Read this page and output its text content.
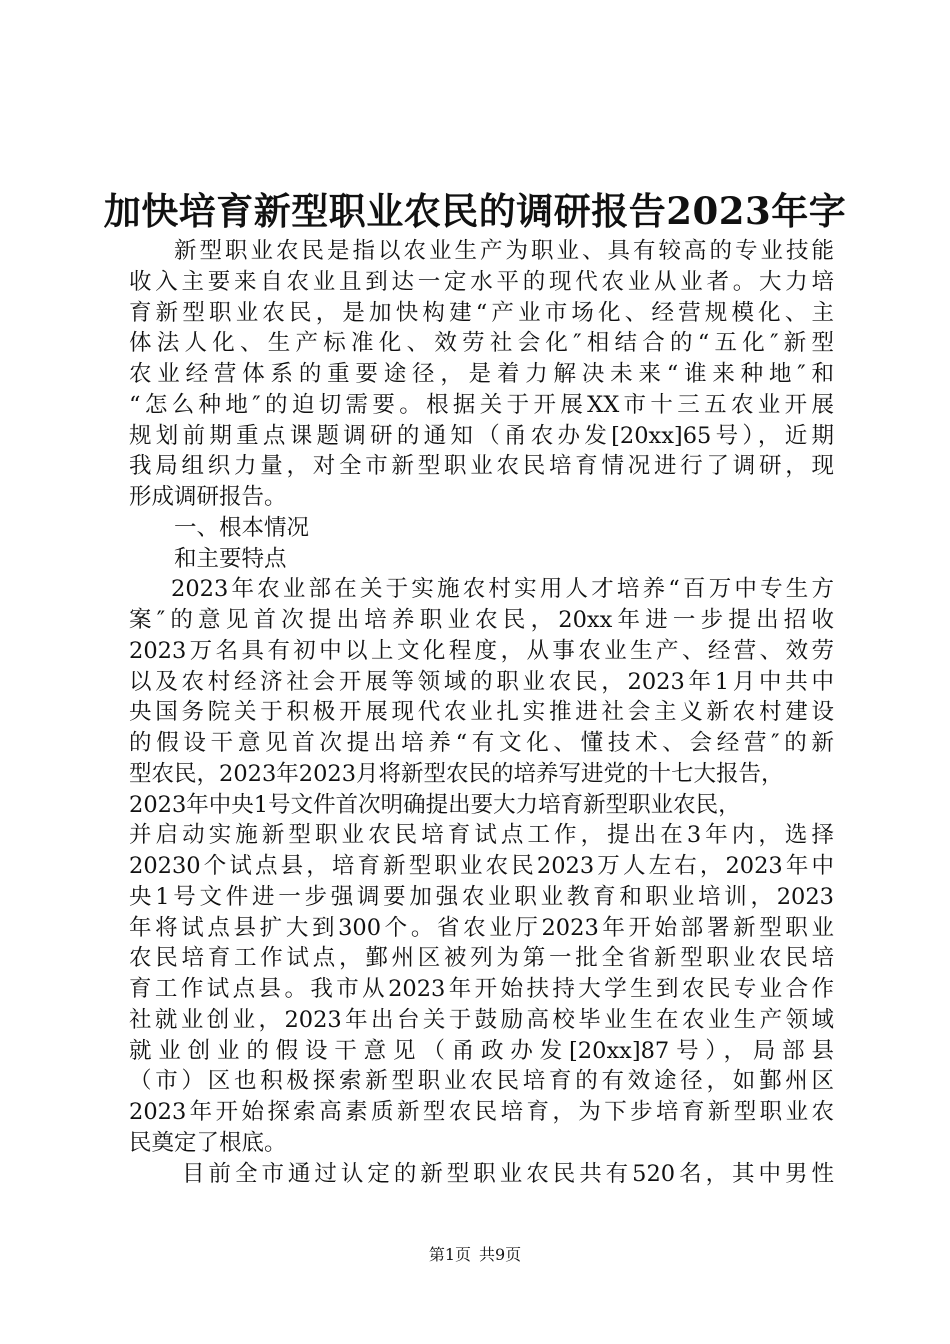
加快培育新型职业农民的调研报告2023年字
新型职业农民是指以农业生产为职业、具有较高的专业技能
收入主要来自农业且到达一定水平的现代农业从业者。大力培
育新型职业农民，是加快构建“产业市场化、经营规模化、主
体法人化、生产标准化、效劳社会化″相结合的“五化″新型
农业经营体系的重要途径，是着力解决未来“谁来种地″和
“怎么种地″的迫切需要。根据关于开展XX市十三五农业开展
规划前期重点课题调研的通知（甬农办发[20xx]65号），近期
我局组织力量，对全市新型职业农民培育情况进行了调研，现
形成调研报告。
一、根本情况
和主要特点
2023年农业部在关于实施农村实用人才培养“百万中专生方
案″的意见首次提出培养职业农民，20xx年进一步提出招收
2023万名具有初中以上文化程度，从事农业生产、经营、效劳
以及农村经济社会开展等领域的职业农民，2023年1月中共中
央国务院关于积极开展现代农业扎实推进社会主义新农村建设
的假设干意见首次提出培养“有文化、懂技术、会经营″的新
型农民，2023年2023月将新型农民的培养写进党的十七大报告，
2023年中央1号文件首次明确提出要大力培育新型职业农民，
并启动实施新型职业农民培育试点工作，提出在3年内，选择
20230个试点县，培育新型职业农民2023万人左右，2023年中
央1号文件进一步强调要加强农业职业教育和职业培训，2023
年将试点县扩大到300个。省农业厅2023年开始部署新型职业
农民培育工作试点，鄞州区被列为第一批全省新型职业农民培
育工作试点县。我市从2023年开始扶持大学生到农民专业合作
社就业创业，2023年出台关于鼓励高校毕业生在农业生产领域
就业创业的假设干意见（甬政办发[20xx]87号），局部县
（市）区也积极探索新型职业农民培育的有效途径，如鄞州区
2023年开始探索高素质新型农民培育，为下步培育新型职业农
民奠定了根底。
目前全市通过认定的新型职业农民共有520名，其中男性
第1页 共9页
